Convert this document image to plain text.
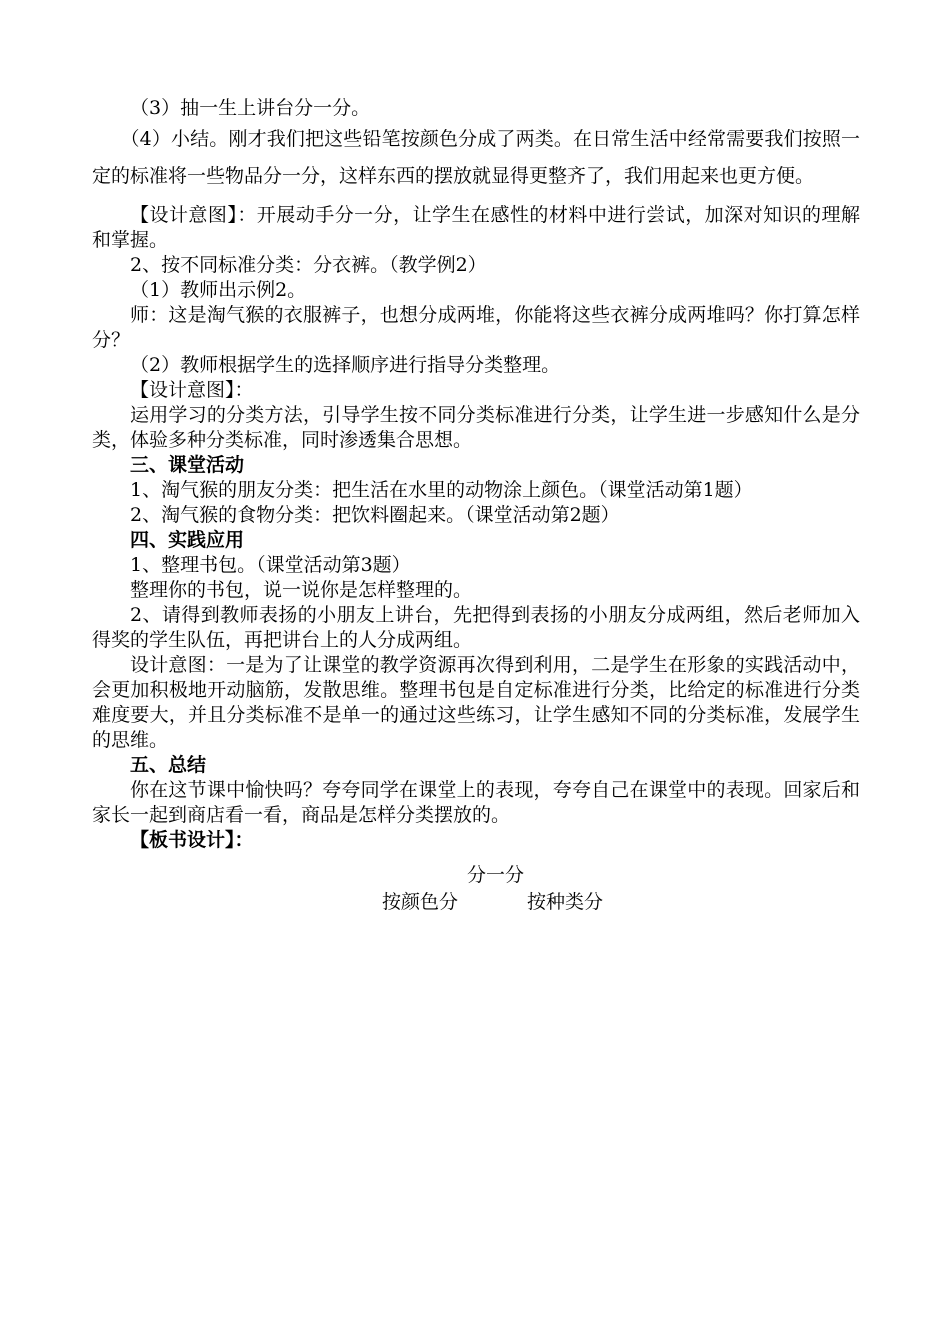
（3）抽一生上讲台分一分。

（4）小结。刚才我们把这些铅笔按颜色分成了两类。在日常生活中经常需要我们按照一定的标准将一些物品分一分，这样东西的摆放就显得更整齐了，我们用起来也更方便。

【设计意图】：开展动手分一分，让学生在感性的材料中进行尝试，加深对知识的理解和掌握。

2、按不同标准分类：分衣裤。（教学例2）

（1）教师出示例2。

师：这是淘气猴的衣服裤子，也想分成两堆，你能将这些衣裤分成两堆吗？你打算怎样分？

（2）教师根据学生的选择顺序进行指导分类整理。

【设计意图】：

运用学习的分类方法，引导学生按不同分类标准进行分类，让学生进一步感知什么是分类，体验多种分类标准，同时渗透集合思想。

三、课堂活动

1、淘气猴的朋友分类：把生活在水里的动物涂上颜色。（课堂活动第1题）

2、淘气猴的食物分类：把饮料圈起来。（课堂活动第2题）

四、实践应用

1、整理书包。（课堂活动第3题）

整理你的书包，说一说你是怎样整理的。

2、请得到教师表扬的小朋友上讲台，先把得到表扬的小朋友分成两组，然后老师加入得奖的学生队伍，再把讲台上的人分成两组。

设计意图：一是为了让课堂的教学资源再次得到利用，二是学生在形象的实践活动中，会更加积极地开动脑筋，发散思维。整理书包是自定标准进行分类，比给定的标准进行分类难度要大，并且分类标准不是单一的通过这些练习，让学生感知不同的分类标准，发展学生的思维。

五、总结

你在这节课中愉快吗？夸夸同学在课堂上的表现，夸夸自己在课堂中的表现。回家后和家长一起到商店看一看，商品是怎样分类摆放的。

【板书设计】：

分一分
按颜色分	按种类分
